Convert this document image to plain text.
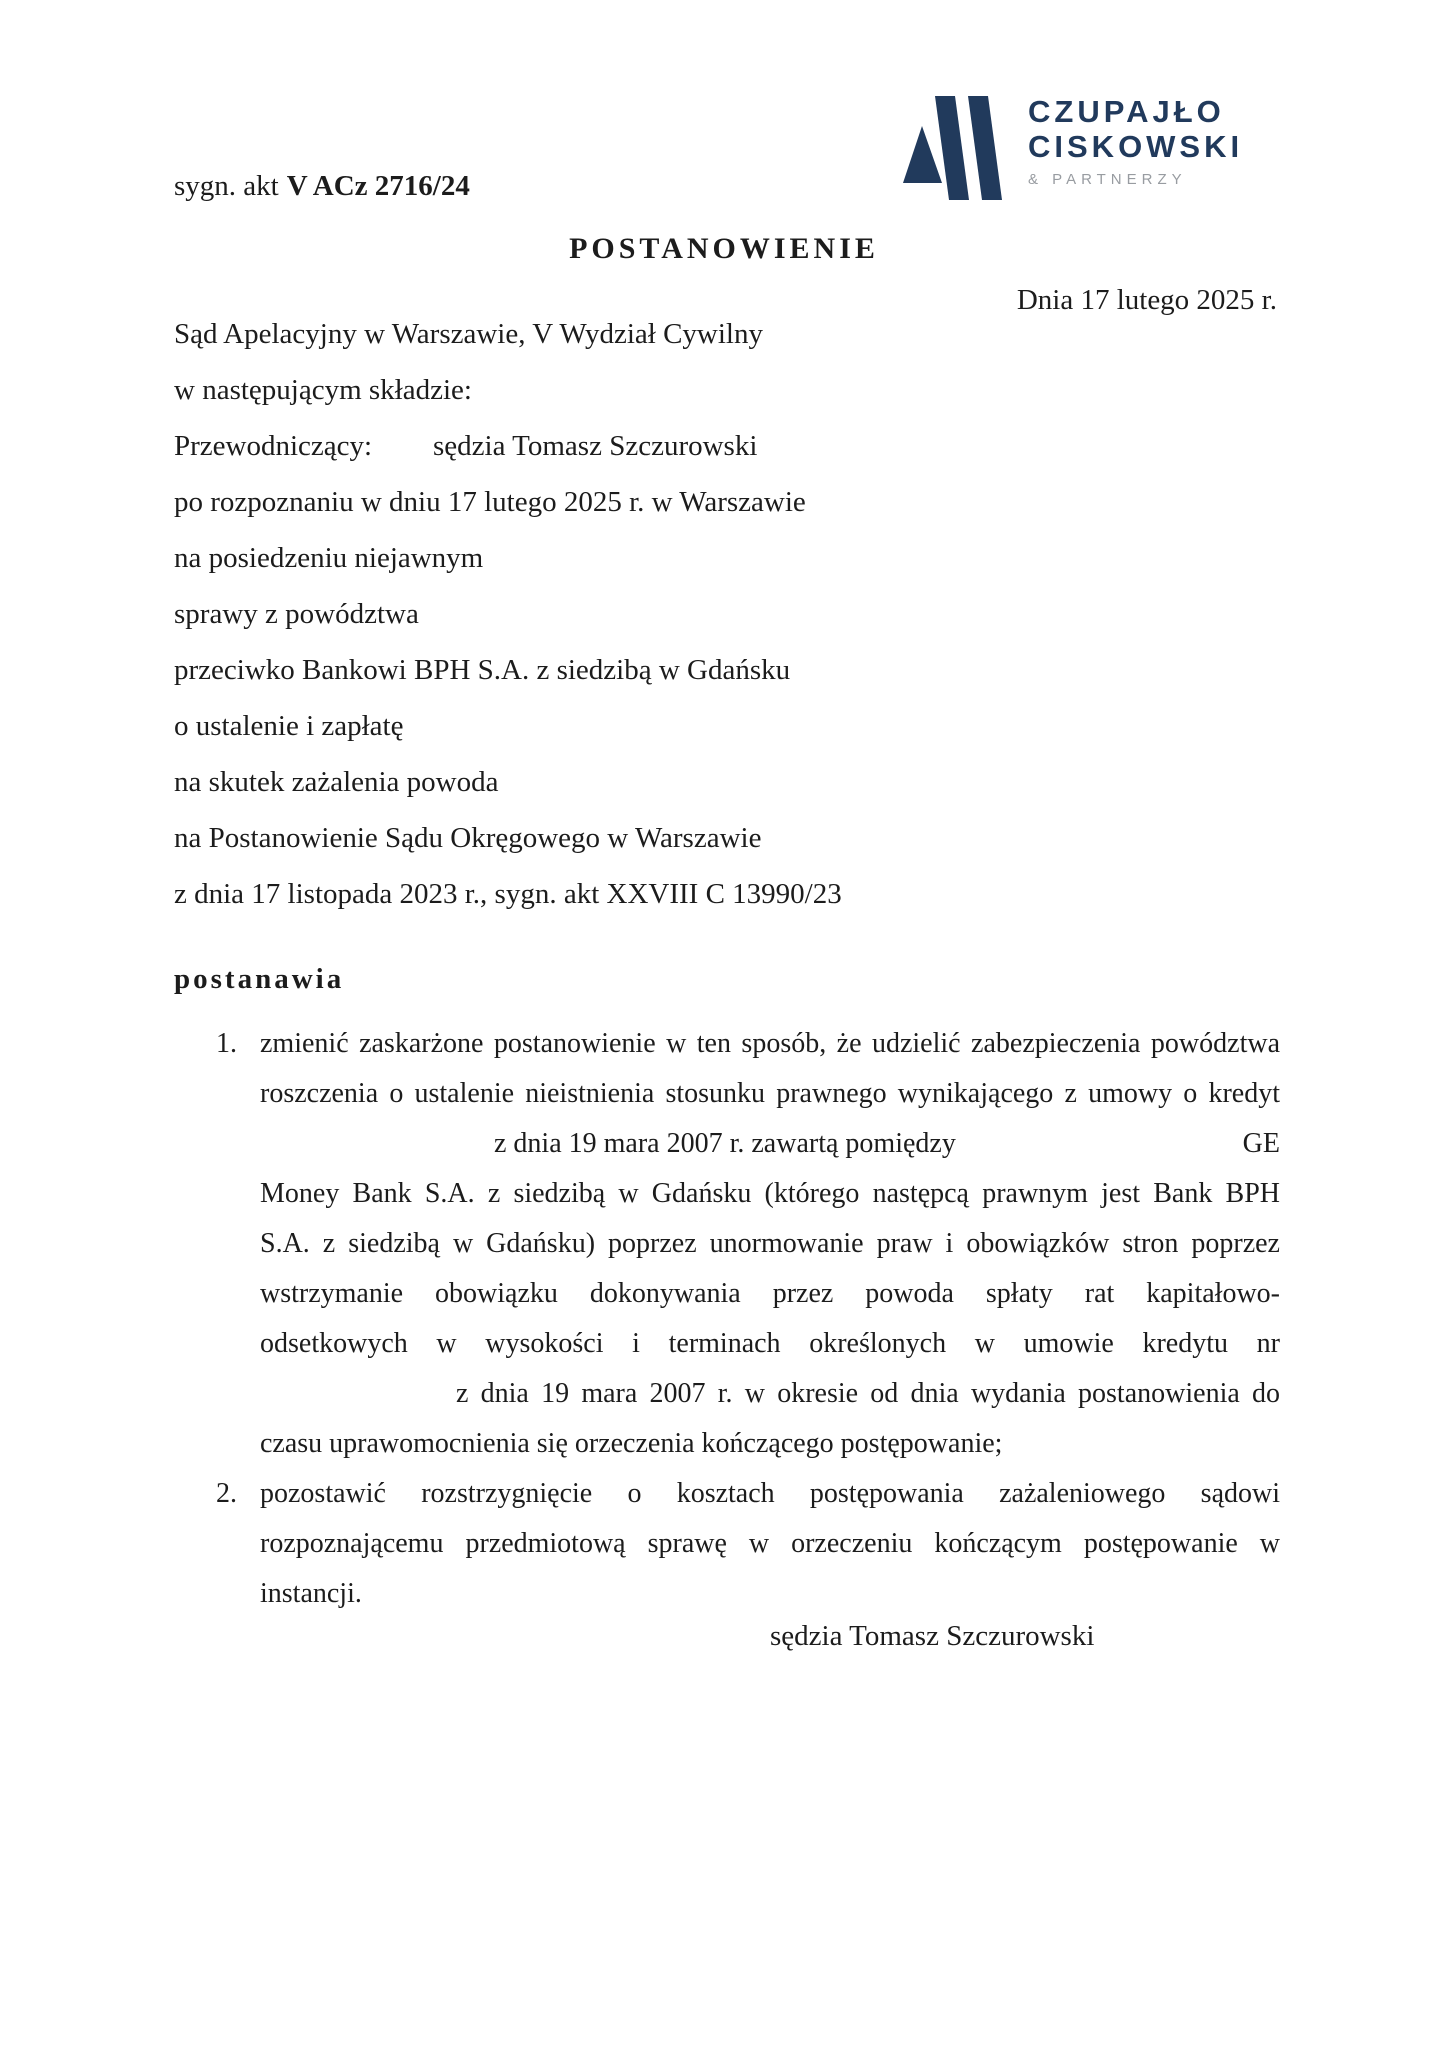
sygn. akt V ACz 2716/24
CZUPAJŁO
CISKOWSKI
& PARTNERZY
POSTANOWIENIE
Dnia 17 lutego 2025 r.
Sąd Apelacyjny w Warszawie, V Wydział Cywilny
w następującym składzie:
Przewodniczący: sędzia Tomasz Szczurowski
po rozpoznaniu w dniu 17 lutego 2025 r. w Warszawie
na posiedzeniu niejawnym
sprawy z powództwa
przeciwko Bankowi BPH S.A. z siedzibą w Gdańsku
o ustalenie i zapłatę
na skutek zażalenia powoda
na Postanowienie Sądu Okręgowego w Warszawie
z dnia 17 listopada 2023 r., sygn. akt XXVIII C 13990/23
postanawia
1. zmienić zaskarżone postanowienie w ten sposób, że udzielić zabezpieczenia powództwa
roszczenia o ustalenie nieistnienia stosunku prawnego wynikającego z umowy o kredyt
z dnia 19 mara 2007 r. zawartą pomiędzy	GE
Money Bank S.A. z siedzibą w Gdańsku (którego następcą prawnym jest Bank BPH
S.A. z siedzibą w Gdańsku) poprzez unormowanie praw i obowiązków stron poprzez
wstrzymanie obowiązku dokonywania przez powoda spłaty rat kapitałowo-
odsetkowych w wysokości i terminach określonych w umowie kredytu nr
z dnia 19 mara 2007 r. w okresie od dnia wydania postanowienia do
czasu uprawomocnienia się orzeczenia kończącego postępowanie;
2. pozostawić rozstrzygnięcie o kosztach postępowania zażaleniowego sądowi
rozpoznającemu przedmiotową sprawę w orzeczeniu kończącym postępowanie w
instancji.
sędzia Tomasz Szczurowski
